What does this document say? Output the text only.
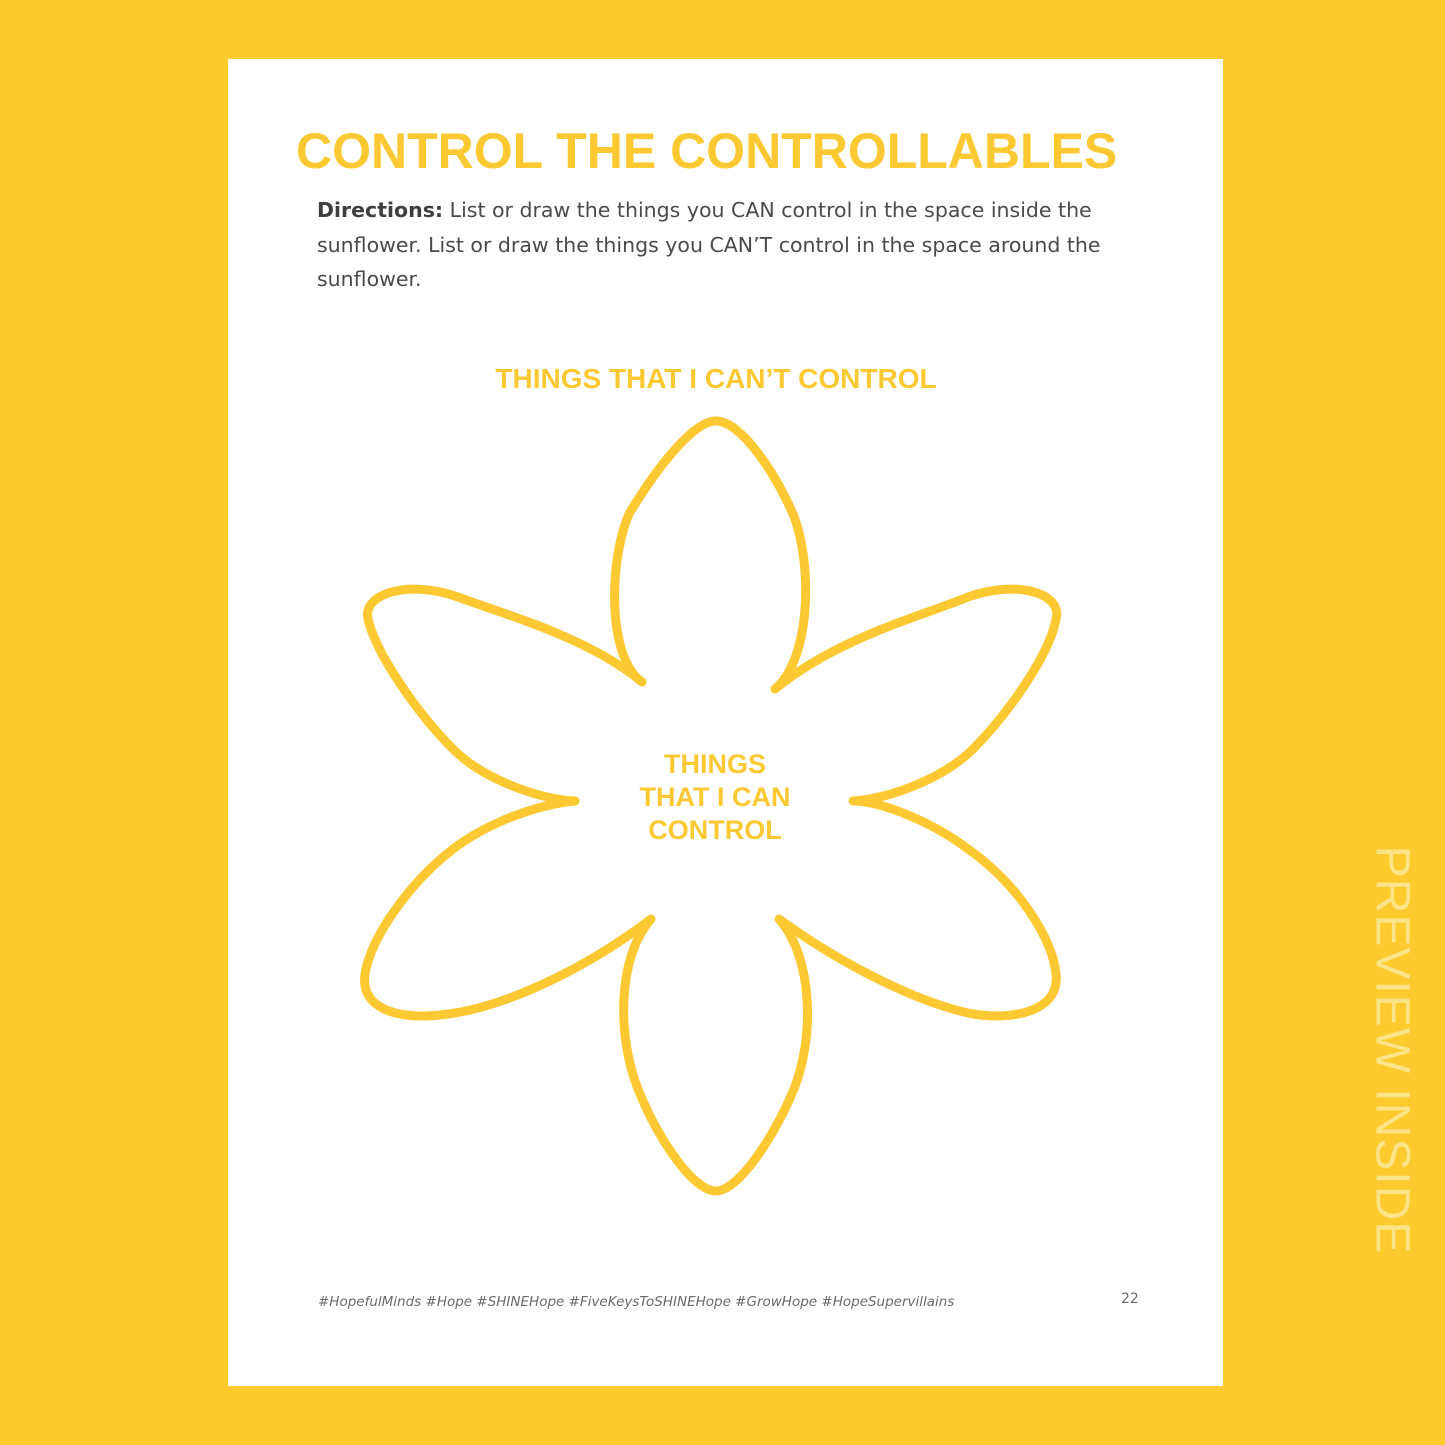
CONTROL THE CONTROLLABLES

Directions: List or draw the things you CAN control in the space inside the sunflower. List or draw the things you CAN’T control in the space around the sunflower.

THINGS THAT I CAN’T CONTROL
THINGS
THAT I CAN
CONTROL
#HopefulMinds #Hope #SHINEHope #FiveKeysToSHINEHope #GrowHope #HopeSupervillains	22
PREVIEW INSIDE
